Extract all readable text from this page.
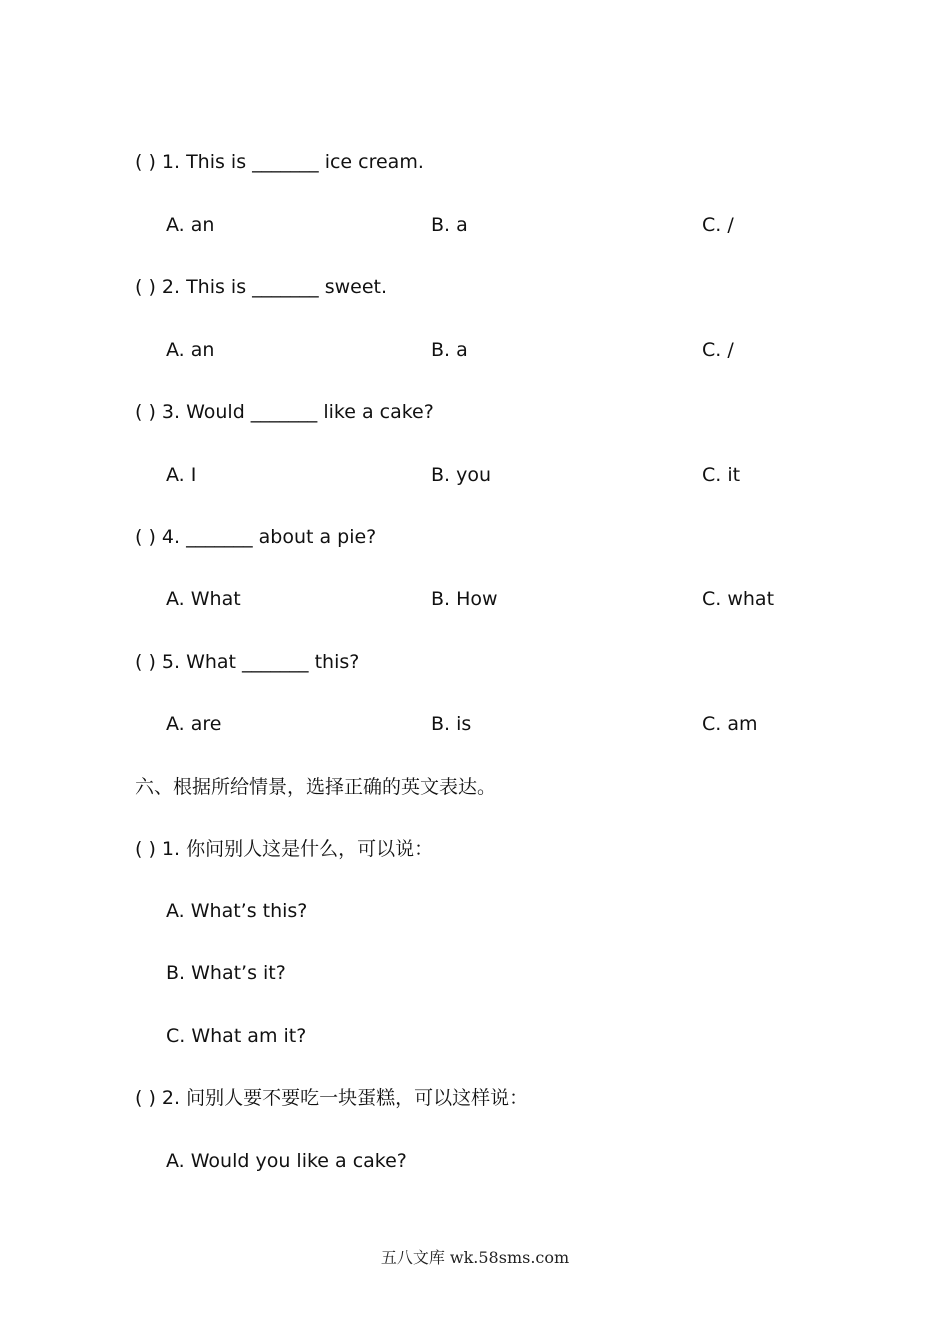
( ) 1. This is _______ ice cream.
A. an	B. a	C. /
( ) 2. This is _______ sweet.
A. an	B. a	C. /
( ) 3. Would _______ like a cake?
A. I	B. you	C. it
( ) 4. _______ about a pie?
A. What	B. How	C. what
( ) 5. What _______ this?
A. are	B. is	C. am
六、根据所给情景，选择正确的英文表达。
( ) 1. 你问别人这是什么，可以说：
A. What’s this?
B. What’s it?
C. What am it?
( ) 2. 问别人要不要吃一块蛋糕，可以这样说：
A. Would you like a cake?
五八文库 wk.58sms.com
